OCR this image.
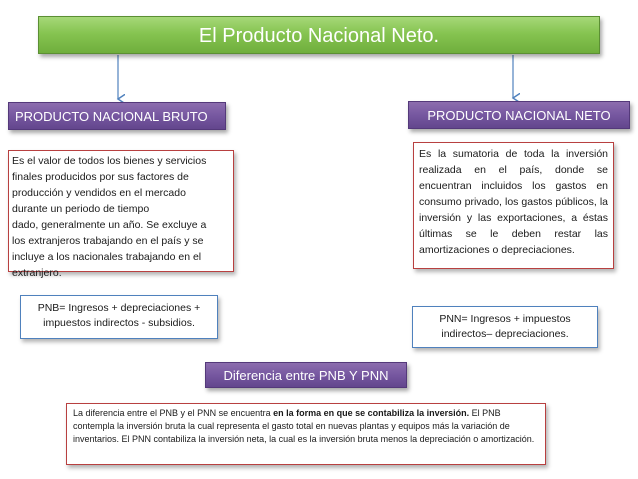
El Producto Nacional Neto.
PRODUCTO NACIONAL BRUTO	PRODUCTO NACIONAL NETO
Es el valor de todos los bienes y servicios
finales producidos por sus factores de
producción y vendidos en el mercado
durante un periodo de tiempo
dado, generalmente un año. Se excluye a
los extranjeros trabajando en el país y se
incluye a los nacionales trabajando en el
extranjero.
Es la sumatoria de toda la inversión realizada en el país, donde se encuentran incluidos los gastos en consumo privado, los gastos públicos, la inversión y las exportaciones, a éstas últimas se le deben restar las amortizaciones o depreciaciones.
PNB= Ingresos + depreciaciones +
impuestos indirectos - subsidios.	PNN= Ingresos + impuestos
indirectos– depreciaciones.
Diferencia entre PNB Y PNN
La diferencia entre el PNB y el PNN se encuentra en la forma en que se contabiliza la inversión. El PNB contempla la inversión bruta la cual representa el gasto total en nuevas plantas y equipos más la variación de inventarios. El PNN contabiliza la inversión neta, la cual es la inversión bruta menos la depreciación o amortización.
